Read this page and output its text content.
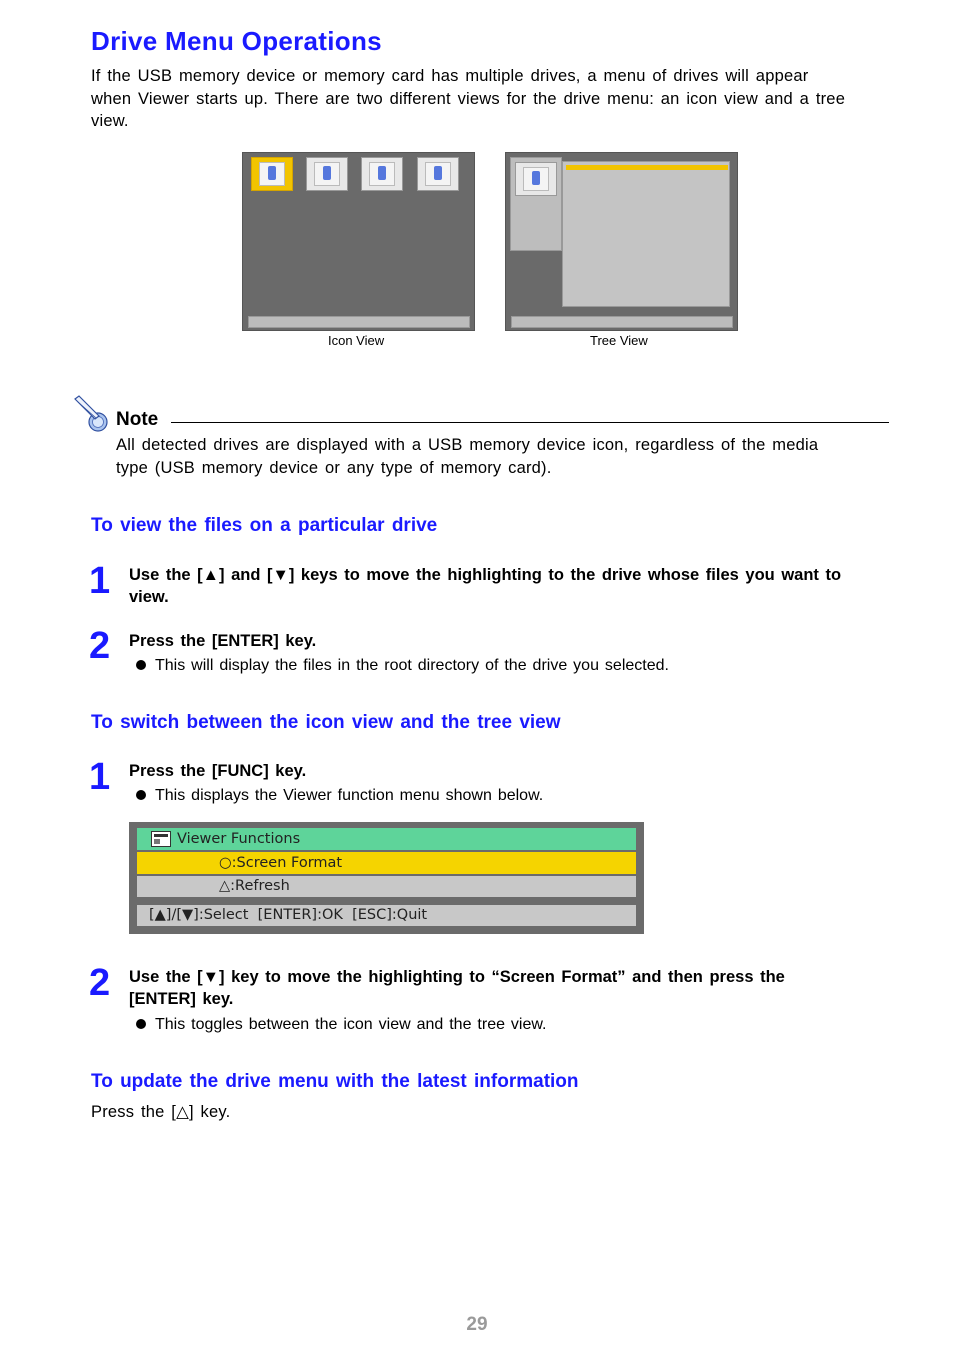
Drive Menu Operations

If the USB memory device or memory card has multiple drives, a menu of drives will appear when Viewer starts up. There are two different views for the drive menu: an icon view and a tree view.

Icon View	Tree View
Note

All detected drives are displayed with a USB memory device icon, regardless of the media type (USB memory device or any type of memory card).

To view the files on a particular drive
1 Use the [▲] and [▼] keys to move the highlighting to the drive whose files you want to view.

2 Press the [ENTER] key.

This will display the files in the root directory of the drive you selected.
To switch between the icon view and the tree view
1 Press the [FUNC] key.

This displays the Viewer function menu shown below.
Viewer Functions
○:Screen Format
△:Refresh
[▲]/[▼]:Select  [ENTER]:OK  [ESC]:Quit
2 Use the [▼] key to move the highlighting to “Screen Format” and then press the [ENTER] key.

This toggles between the icon view and the tree view.
To update the drive menu with the latest information

Press the [△] key.

29
